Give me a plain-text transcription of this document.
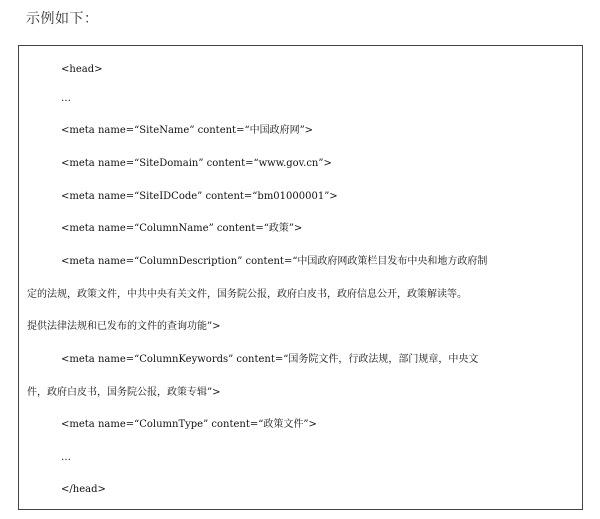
示例如下：
<head>
…
<meta name=“SiteName” content=“中国政府网”>
<meta name=“SiteDomain” content=“www.gov.cn”>
<meta name=“SiteIDCode” content=“bm01000001”>
<meta name=“ColumnName” content=“政策”>
<meta name=“ColumnDescription” content=“中国政府网政策栏目发布中央和地方政府制
定的法规，政策文件，中共中央有关文件，国务院公报，政府白皮书，政府信息公开，政策解读等。
提供法律法规和已发布的文件的查询功能”>
<meta name=“ColumnKeywords” content=“国务院文件，行政法规，部门规章，中央文
件，政府白皮书，国务院公报，政策专辑”>
<meta name=“ColumnType” content=“政策文件”>
…
</head>
